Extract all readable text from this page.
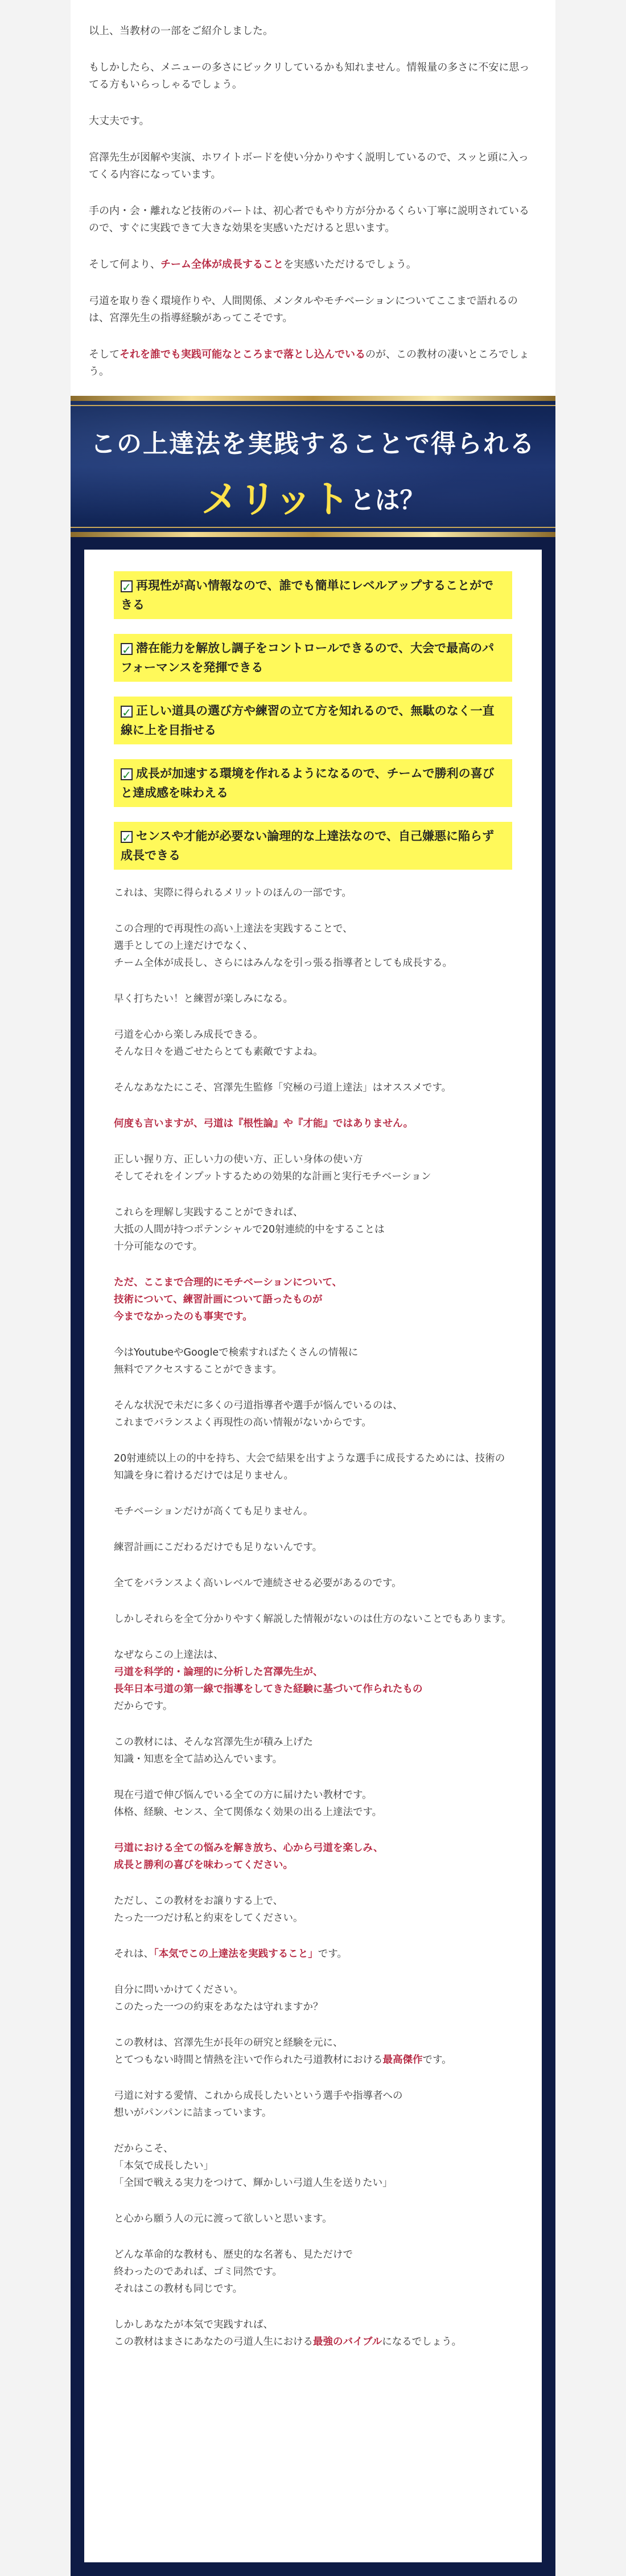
以上、当教材の一部をご紹介しました。

もしかしたら、メニューの多さにビックリしているかも知れません。情報量の多さに不安に思ってる方もいらっしゃるでしょう。

大丈夫です。

宮澤先生が図解や実演、ホワイトボードを使い分かりやすく説明しているので、スッと頭に入ってくる内容になっています。

手の内・会・離れなど技術のパートは、初心者でもやり方が分かるくらい丁寧に説明されているので、すぐに実践できて大きな効果を実感いただけると思います。

そして何より、チーム全体が成長することを実感いただけるでしょう。

弓道を取り巻く環境作りや、人間関係、メンタルやモチベーションについてここまで語れるのは、宮澤先生の指導経験があってこそです。

そしてそれを誰でも実践可能なところまで落とし込んでいるのが、この教材の凄いところでしょう。

この上達法を実践することで得られる
メリットとは？
✓ 再現性が高い情報なので、誰でも簡単にレベルアップすることができる
✓ 潜在能力を解放し調子をコントロールできるので、大会で最高のパフォーマンスを発揮できる
✓ 正しい道具の選び方や練習の立て方を知れるので、無駄のなく一直線に上を目指せる
✓ 成長が加速する環境を作れるようになるので、チームで勝利の喜びと達成感を味わえる
✓ センスや才能が必要ない論理的な上達法なので、自己嫌悪に陥らず成長できる

これは、実際に得られるメリットのほんの一部です。

この合理的で再現性の高い上達法を実践することで、
選手としての上達だけでなく、
チーム全体が成長し、さらにはみんなを引っ張る指導者としても成長する。

早く打ちたい！と練習が楽しみになる。

弓道を心から楽しみ成長できる。
そんな日々を過ごせたらとても素敵ですよね。

そんなあなたにこそ、宮澤先生監修「究極の弓道上達法」はオススメです。

何度も言いますが、弓道は『根性論』や『才能』ではありません。

正しい握り方、正しい力の使い方、正しい身体の使い方
そしてそれをインプットするための効果的な計画と実行モチベーション

これらを理解し実践することができれば、
大抵の人間が持つポテンシャルで20射連続的中をすることは
十分可能なのです。

ただ、ここまで合理的にモチベーションについて、
技術について、練習計画について語ったものが
今までなかったのも事実です。

今はYoutubeやGoogleで検索すればたくさんの情報に
無料でアクセスすることができます。

そんな状況で未だに多くの弓道指導者や選手が悩んでいるのは、
これまでバランスよく再現性の高い情報がないからです。

20射連続以上の的中を持ち、大会で結果を出すような選手に成長するためには、技術の知識を身に着けるだけでは足りません。

モチベーションだけが高くても足りません。

練習計画にこだわるだけでも足りないんです。

全てをバランスよく高いレベルで連続させる必要があるのです。

しかしそれらを全て分かりやすく解説した情報がないのは仕方のないことでもあります。

なぜならこの上達法は、
弓道を科学的・論理的に分析した宮澤先生が、
長年日本弓道の第一線で指導をしてきた経験に基づいて作られたもの
だからです。

この教材には、そんな宮澤先生が積み上げた
知識・知恵を全て詰め込んでいます。

現在弓道で伸び悩んでいる全ての方に届けたい教材です。
体格、経験、センス、全て関係なく効果の出る上達法です。

弓道における全ての悩みを解き放ち、心から弓道を楽しみ、
成長と勝利の喜びを味わってください。

ただし、この教材をお譲りする上で、
たった一つだけ私と約束をしてください。

それは、「本気でこの上達法を実践すること」です。

自分に問いかけてください。
このたった一つの約束をあなたは守れますか？

この教材は、宮澤先生が長年の研究と経験を元に、
とてつもない時間と情熱を注いで作られた弓道教材における最高傑作です。

弓道に対する愛情、これから成長したいという選手や指導者への
想いがパンパンに詰まっています。

だからこそ、
「本気で成長したい」
「全国で戦える実力をつけて、輝かしい弓道人生を送りたい」

と心から願う人の元に渡って欲しいと思います。

どんな革命的な教材も、歴史的な名著も、見ただけで
終わったのであれば、ゴミ同然です。
それはこの教材も同じです。

しかしあなたが本気で実践すれば、
この教材はまさにあなたの弓道人生における最強のバイブルになるでしょう。
